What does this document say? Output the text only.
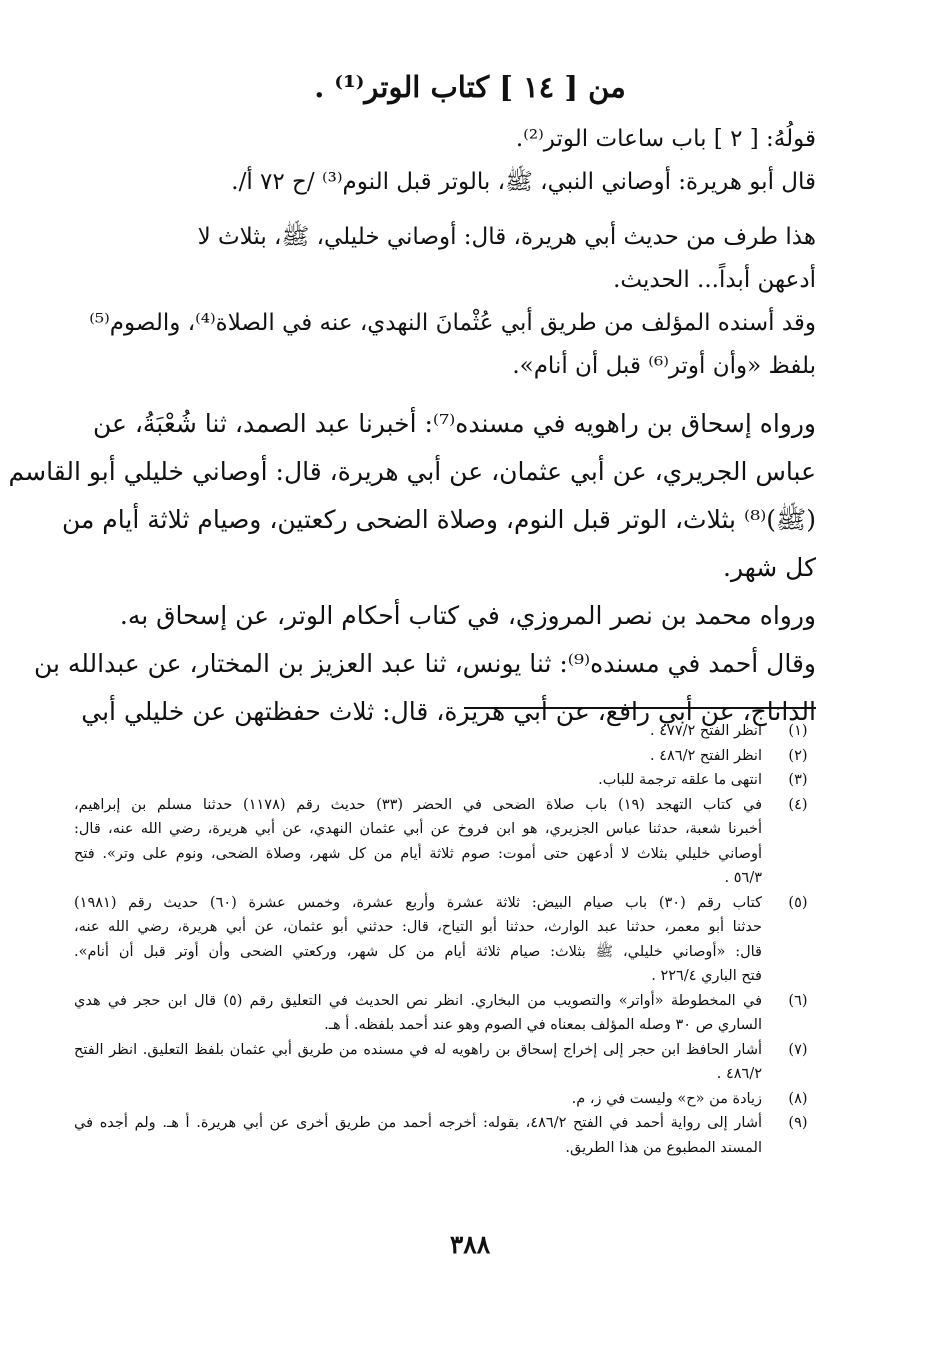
من [ ١٤ ] كتاب الوتر⁽¹⁾ .

قولُهُ: [ ٢ ] باب ساعات الوتر⁽²⁾.

قال أبو هريرة: أوصاني النبي، ﷺ، بالوتر قبل النوم⁽³⁾ /ح ٧٢ أ/.

هذا طرف من حديث أبي هريرة، قال: أوصاني خليلي، ﷺ، بثلاث لا

أدعهن أبداً... الحديث.

وقد أسنده المؤلف من طريق أبي عُثْمانَ النهدي، عنه في الصلاة⁽⁴⁾، والصوم⁽⁵⁾

بلفظ «وأن أوتر⁽⁶⁾ قبل أن أنام».

ورواه إسحاق بن راهويه في مسنده⁽⁷⁾: أخبرنا عبد الصمد، ثنا شُعْبَةُ، عن

عباس الجريري، عن أبي عثمان، عن أبي هريرة، قال: أوصاني خليلي أبو القاسم

(ﷺ)⁽⁸⁾ بثلاث، الوتر قبل النوم، وصلاة الضحى ركعتين، وصيام ثلاثة أيام من

كل شهر.

ورواه محمد بن نصر المروزي، في كتاب أحكام الوتر، عن إسحاق به.

وقال أحمد في مسنده⁽⁹⁾: ثنا يونس، ثنا عبد العزيز بن المختار، عن عبدالله بن

الداناج، عن أبي رافع، عن أبي هريرة، قال: ثلاث حفظتهن عن خليلي أبي

(١)

انظر الفتح ٤٧٧/٢ .

(٢)

انظر الفتح ٤٨٦/٢ .

(٣)

انتهى ما علقه ترجمة للباب.

(٤)

في كتاب التهجد (١٩) باب صلاة الضحى في الحضر (٣٣) حديث رقم (١١٧٨) حدثنا مسلم بن إبراهيم،

أخبرنا شعبة، حدثنا عباس الجزيري، هو ابن فروخ عن أبي عثمان النهدي، عن أبي هريرة، رضي الله عنه، قال:

أوصاني خليلي بثلاث لا أدعهن حتى أموت: صوم ثلاثة أيام من كل شهر، وصلاة الضحى، ونوم على وتر». فتح

٥٦/٣ .

(٥)

كتاب رقم (٣٠) باب صيام البيض: ثلاثة عشرة وأربع عشرة، وخمس عشرة (٦٠) حديث رقم (١٩٨١)

حدثنا أبو معمر، حدثنا عبد الوارث، حدثنا أبو التياح، قال: حدثني أبو عثمان، عن أبي هريرة، رضي الله عنه،

قال: «أوصاني خليلي، ﷺ بثلاث: صيام ثلاثة أيام من كل شهر، وركعتي الضحى وأن أوتر قبل أن أنام».

فتح الباري ٢٢٦/٤ .

(٦)

في المخطوطة «أواتر» والتصويب من البخاري. انظر نص الحديث في التعليق رقم (٥) قال ابن حجر في هدي

الساري ص ٣٠ وصله المؤلف بمعناه في الصوم وهو عند أحمد بلفظه. أ هـ.

(٧)

أشار الحافظ ابن حجر إلى إخراج إسحاق بن راهويه له في مسنده من طريق أبي عثمان بلفظ التعليق. انظر الفتح

٤٨٦/٢ .

(٨)

زيادة من «ح» وليست في ز، م.

(٩)

أشار إلى رواية أحمد في الفتح ٤٨٦/٢، بقوله: أخرجه أحمد من طريق أخرى عن أبي هريرة. أ هـ. ولم أجده في

المسند المطبوع من هذا الطريق.

٣٨٨
